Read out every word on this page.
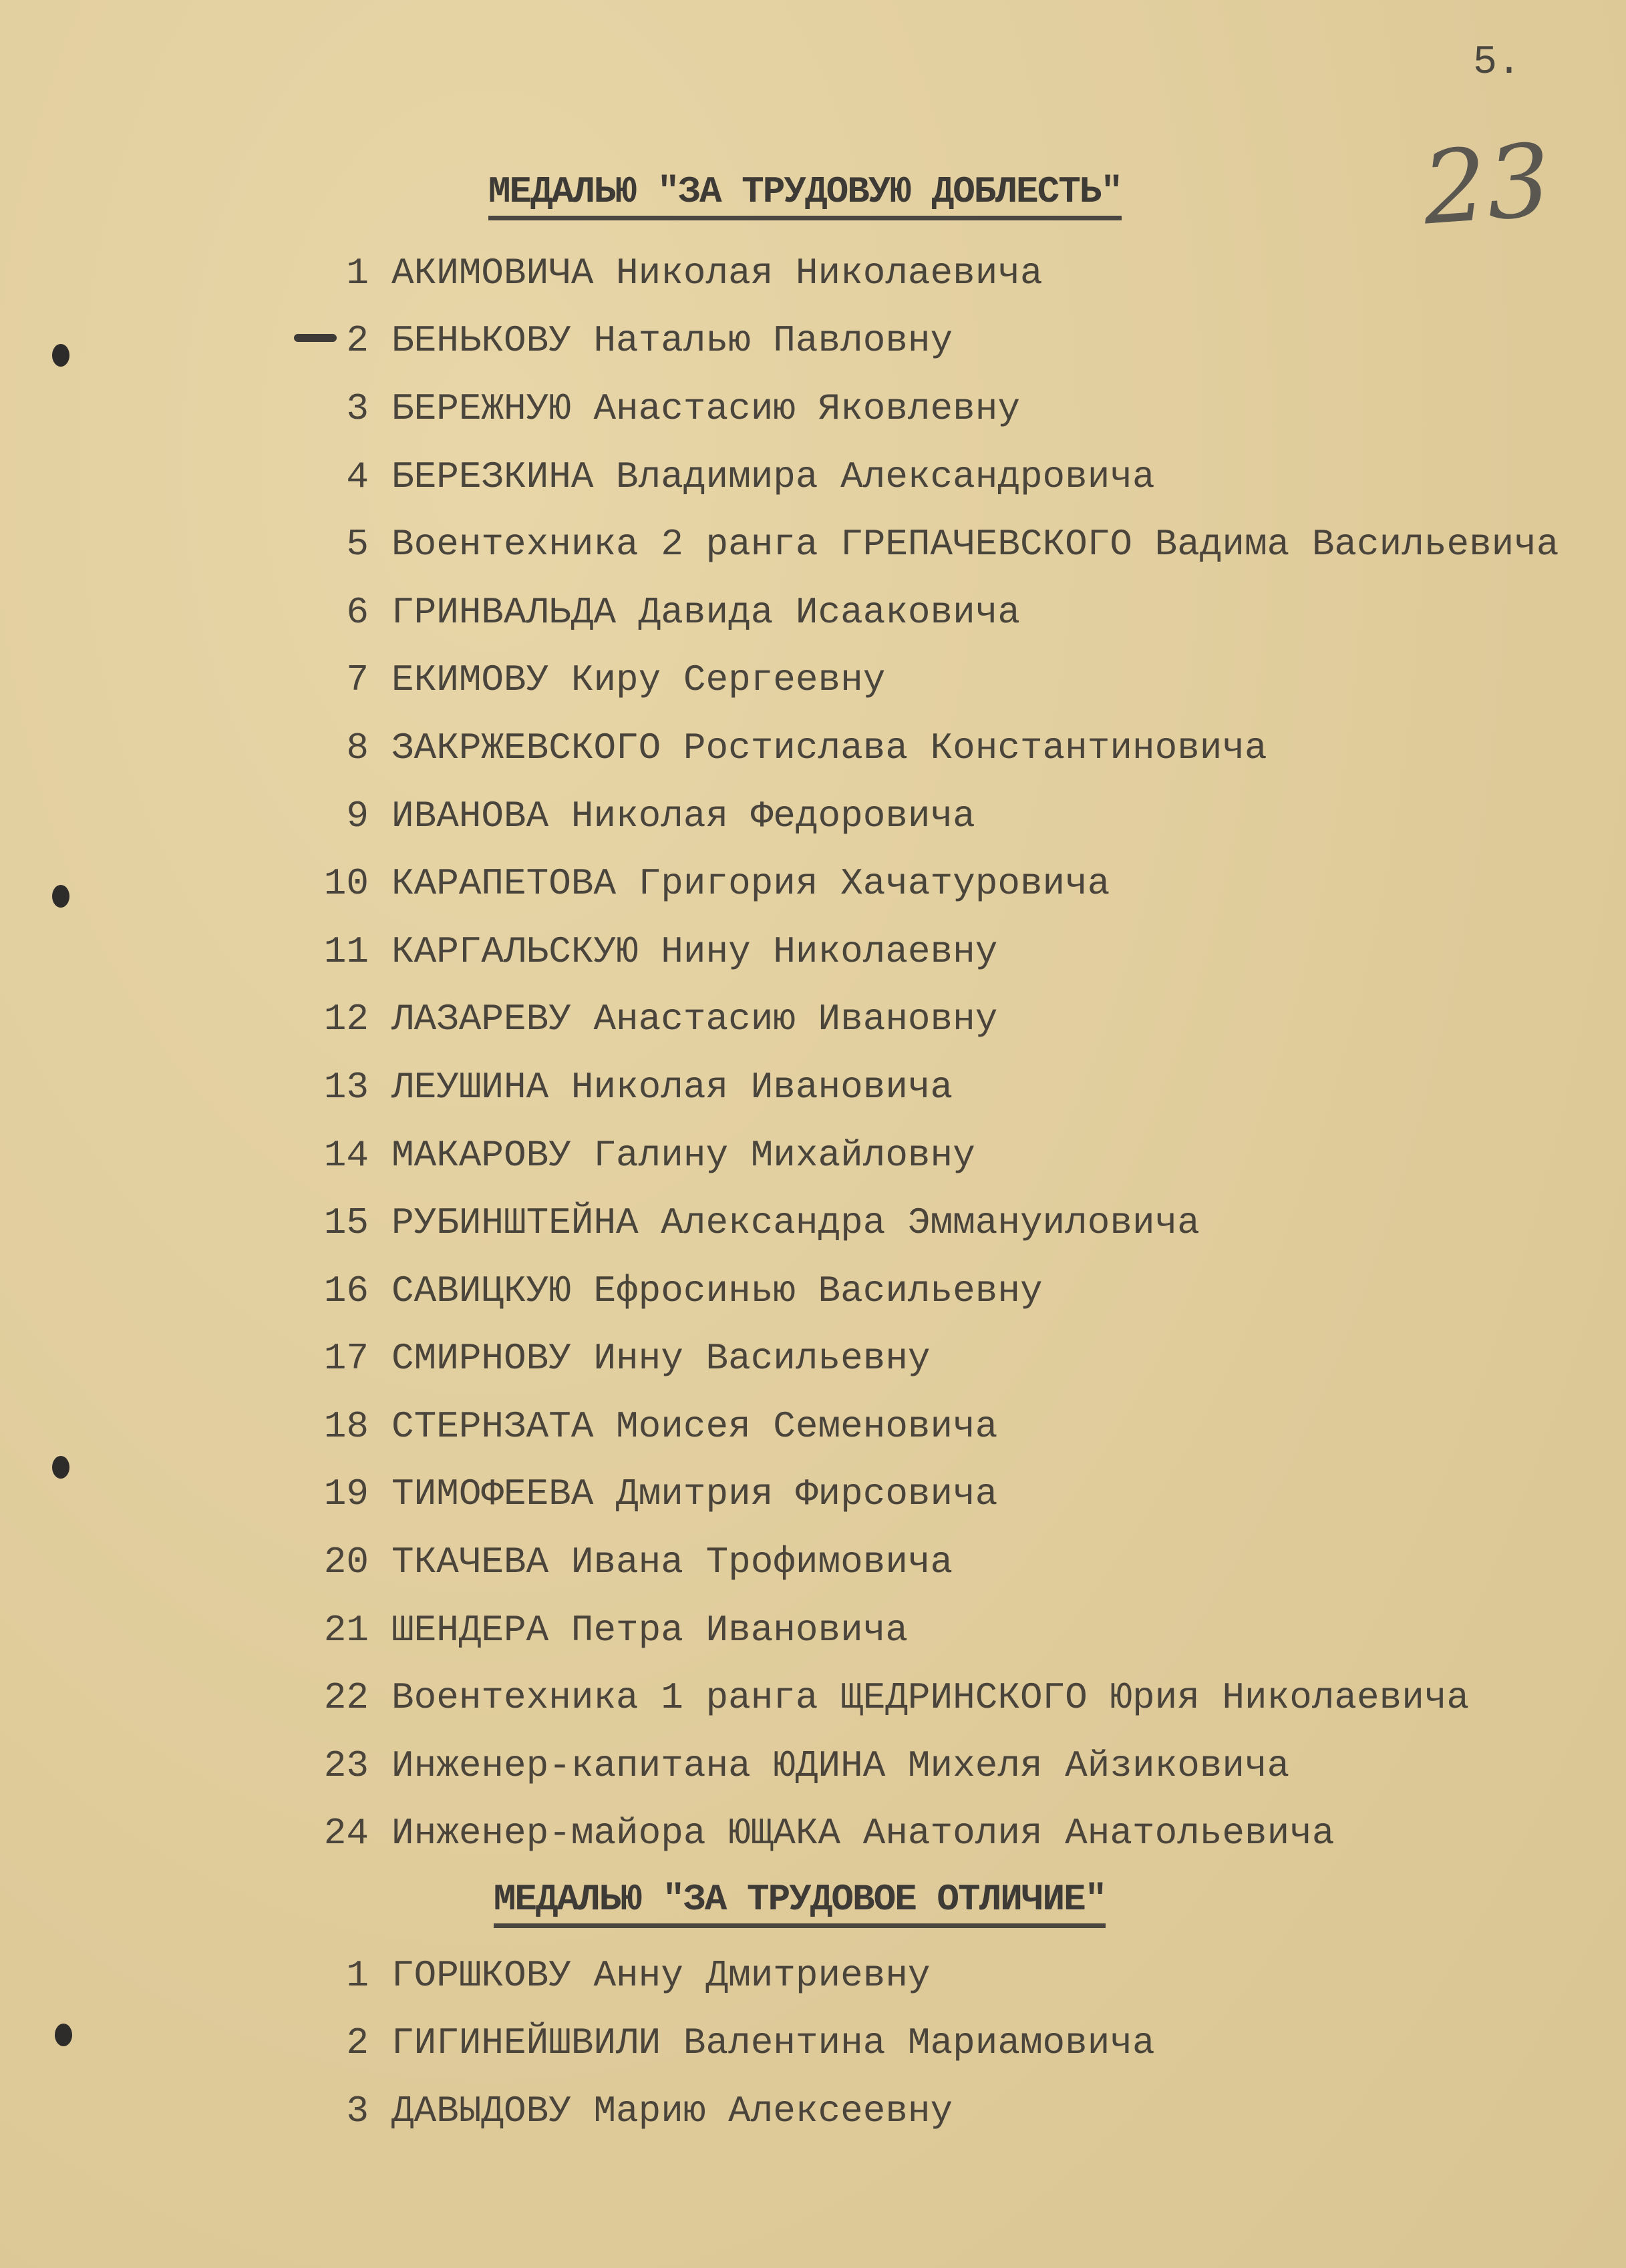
5.
23
МЕДАЛЬЮ "ЗА ТРУДОВУЮ ДОБЛЕСТЬ"
1 АКИМОВИЧА Николая Николаевича
2 БЕНЬКОВУ Наталью Павловну
3 БЕРЕЖНУЮ Анастасию Яковлевну
4 БЕРЕЗКИНА Владимира Александровича
5 Воентехника 2 ранга ГРЕПАЧЕВСКОГО Вадима Васильевича
6 ГРИНВАЛЬДА Давида Исааковича
7 ЕКИМОВУ Киру Сергеевну
8 ЗАКРЖЕВСКОГО Ростислава Константиновича
9 ИВАНОВА Николая Федоровича
10 КАРАПЕТОВА Григория Хачатуровича
11 КАРГАЛЬСКУЮ Нину Николаевну
12 ЛАЗАРЕВУ Анастасию Ивановну
13 ЛЕУШИНА Николая Ивановича
14 МАКАРОВУ Галину Михайловну
15 РУБИНШТЕЙНА Александра Эммануиловича
16 САВИЦКУЮ Ефросинью Васильевну
17 СМИРНОВУ Инну Васильевну
18 СТЕРНЗАТА Моисея Семеновича
19 ТИМОФЕЕВА Дмитрия Фирсовича
20 ТКАЧЕВА Ивана Трофимовича
21 ШЕНДЕРА Петра Ивановича
22 Воентехника 1 ранга ЩЕДРИНСКОГО Юрия Николаевича
23 Инженер-капитана ЮДИНА Михеля Айзиковича
24 Инженер-майора ЮЩАКА Анатолия Анатольевича
МЕДАЛЬЮ "ЗА ТРУДОВОЕ ОТЛИЧИЕ"
1 ГОРШКОВУ Анну Дмитриевну
2 ГИГИНЕЙШВИЛИ Валентина Мариамовича
3 ДАВЫДОВУ Марию Алексеевну
